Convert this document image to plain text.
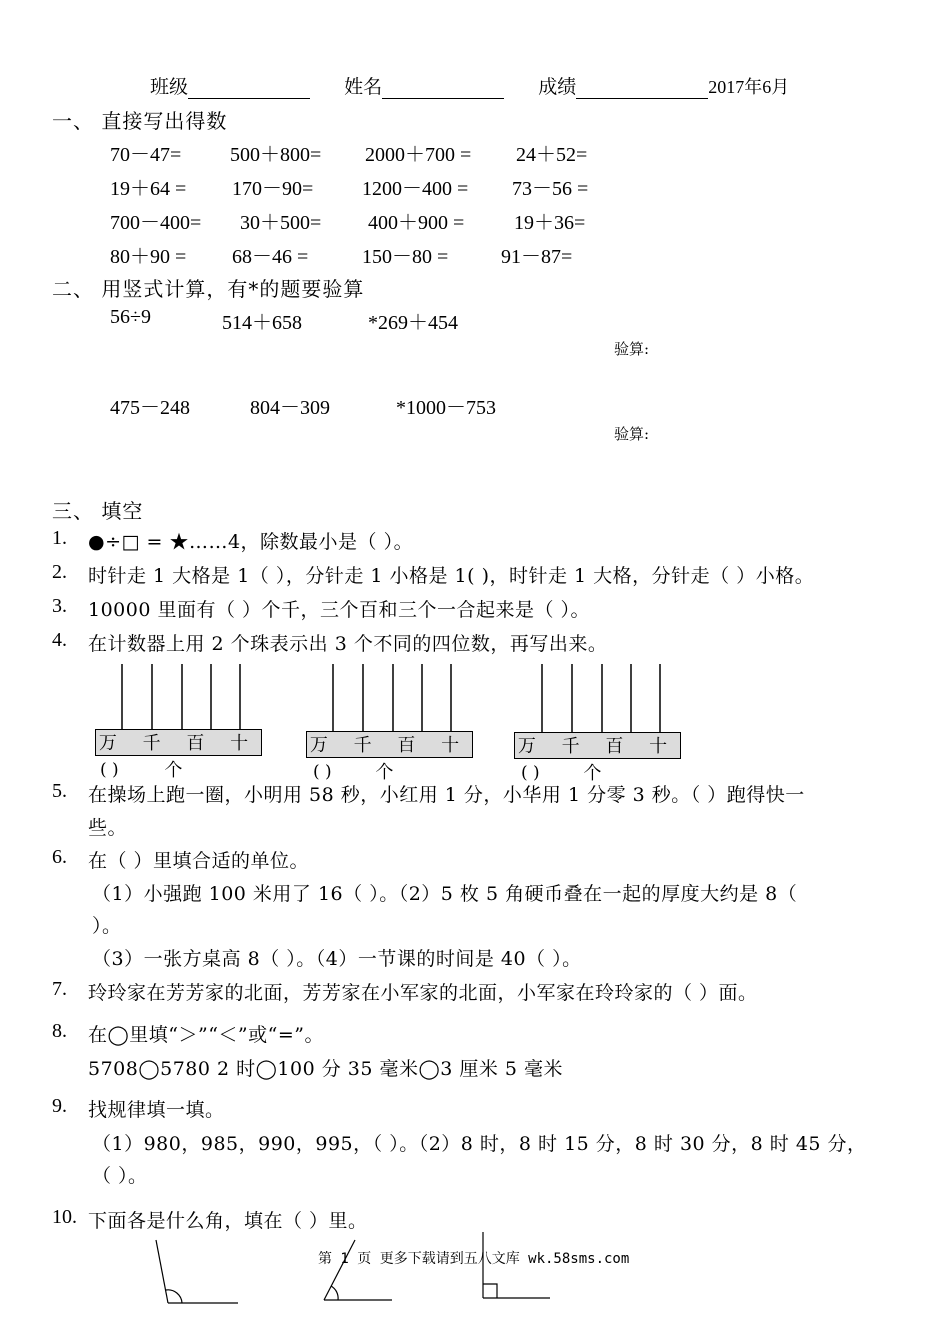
班级	姓名	成绩	2017年6月
一、 直接写出得数
70－47= 500＋800= 2000＋700 = 24＋52=
19＋64 = 170－90= 1200－400 = 73－56 =
700－400= 30＋500= 400＋900 = 19＋36=
80＋90 = 68－46 =	150－80 =	91－87=
二、 用竖式计算，有*的题要验算
56÷9	514＋658	*269＋454
验算:
475－248	804－309	*1000－753
验算:
三、 填空
1. ●÷□ = ★……4，除数最小是（ ）。
2. 时针走 1 大格是 1（ ），分针走 1 小格是 1( )，时针走 1 大格，分针走（ ）小格。
3. 10000 里面有（ ）个千，三个百和三个一合起来是（ ）。
4. 在计数器上用 2 个珠表示出 3 个不同的四位数，再写出来。
万 千 百 十 个
万 千 百 十 个
万 千 百 十 个
( )	( )	( )
5. 在操场上跑一圈，小明用 58 秒，小红用 1 分，小华用 1 分零 3 秒。（ ）跑得快一
些。
6. 在（ ）里填合适的单位。
（1）小强跑 100 米用了 16（ ）。（2）5 枚 5 角硬币叠在一起的厚度大约是 8（
）。
（3）一张方桌高 8（ ）。（4）一节课的时间是 40（ ）。
7. 玲玲家在芳芳家的北面，芳芳家在小军家的北面，小军家在玲玲家的（ ）面。
8. 在◯里填“＞”“＜”或“=”。
5708◯5780 2 时◯100 分 35 毫米◯3 厘米 5 毫米
9. 找规律填一填。
（1）980，985，990，995，（ ）。（2）8 时，8 时 15 分，8 时 30 分，8 时 45 分，
（ ）。
10. 下面各是什么角，填在（ ）里。
第 1 页 更多下载请到五八文库 wk.58sms.com
